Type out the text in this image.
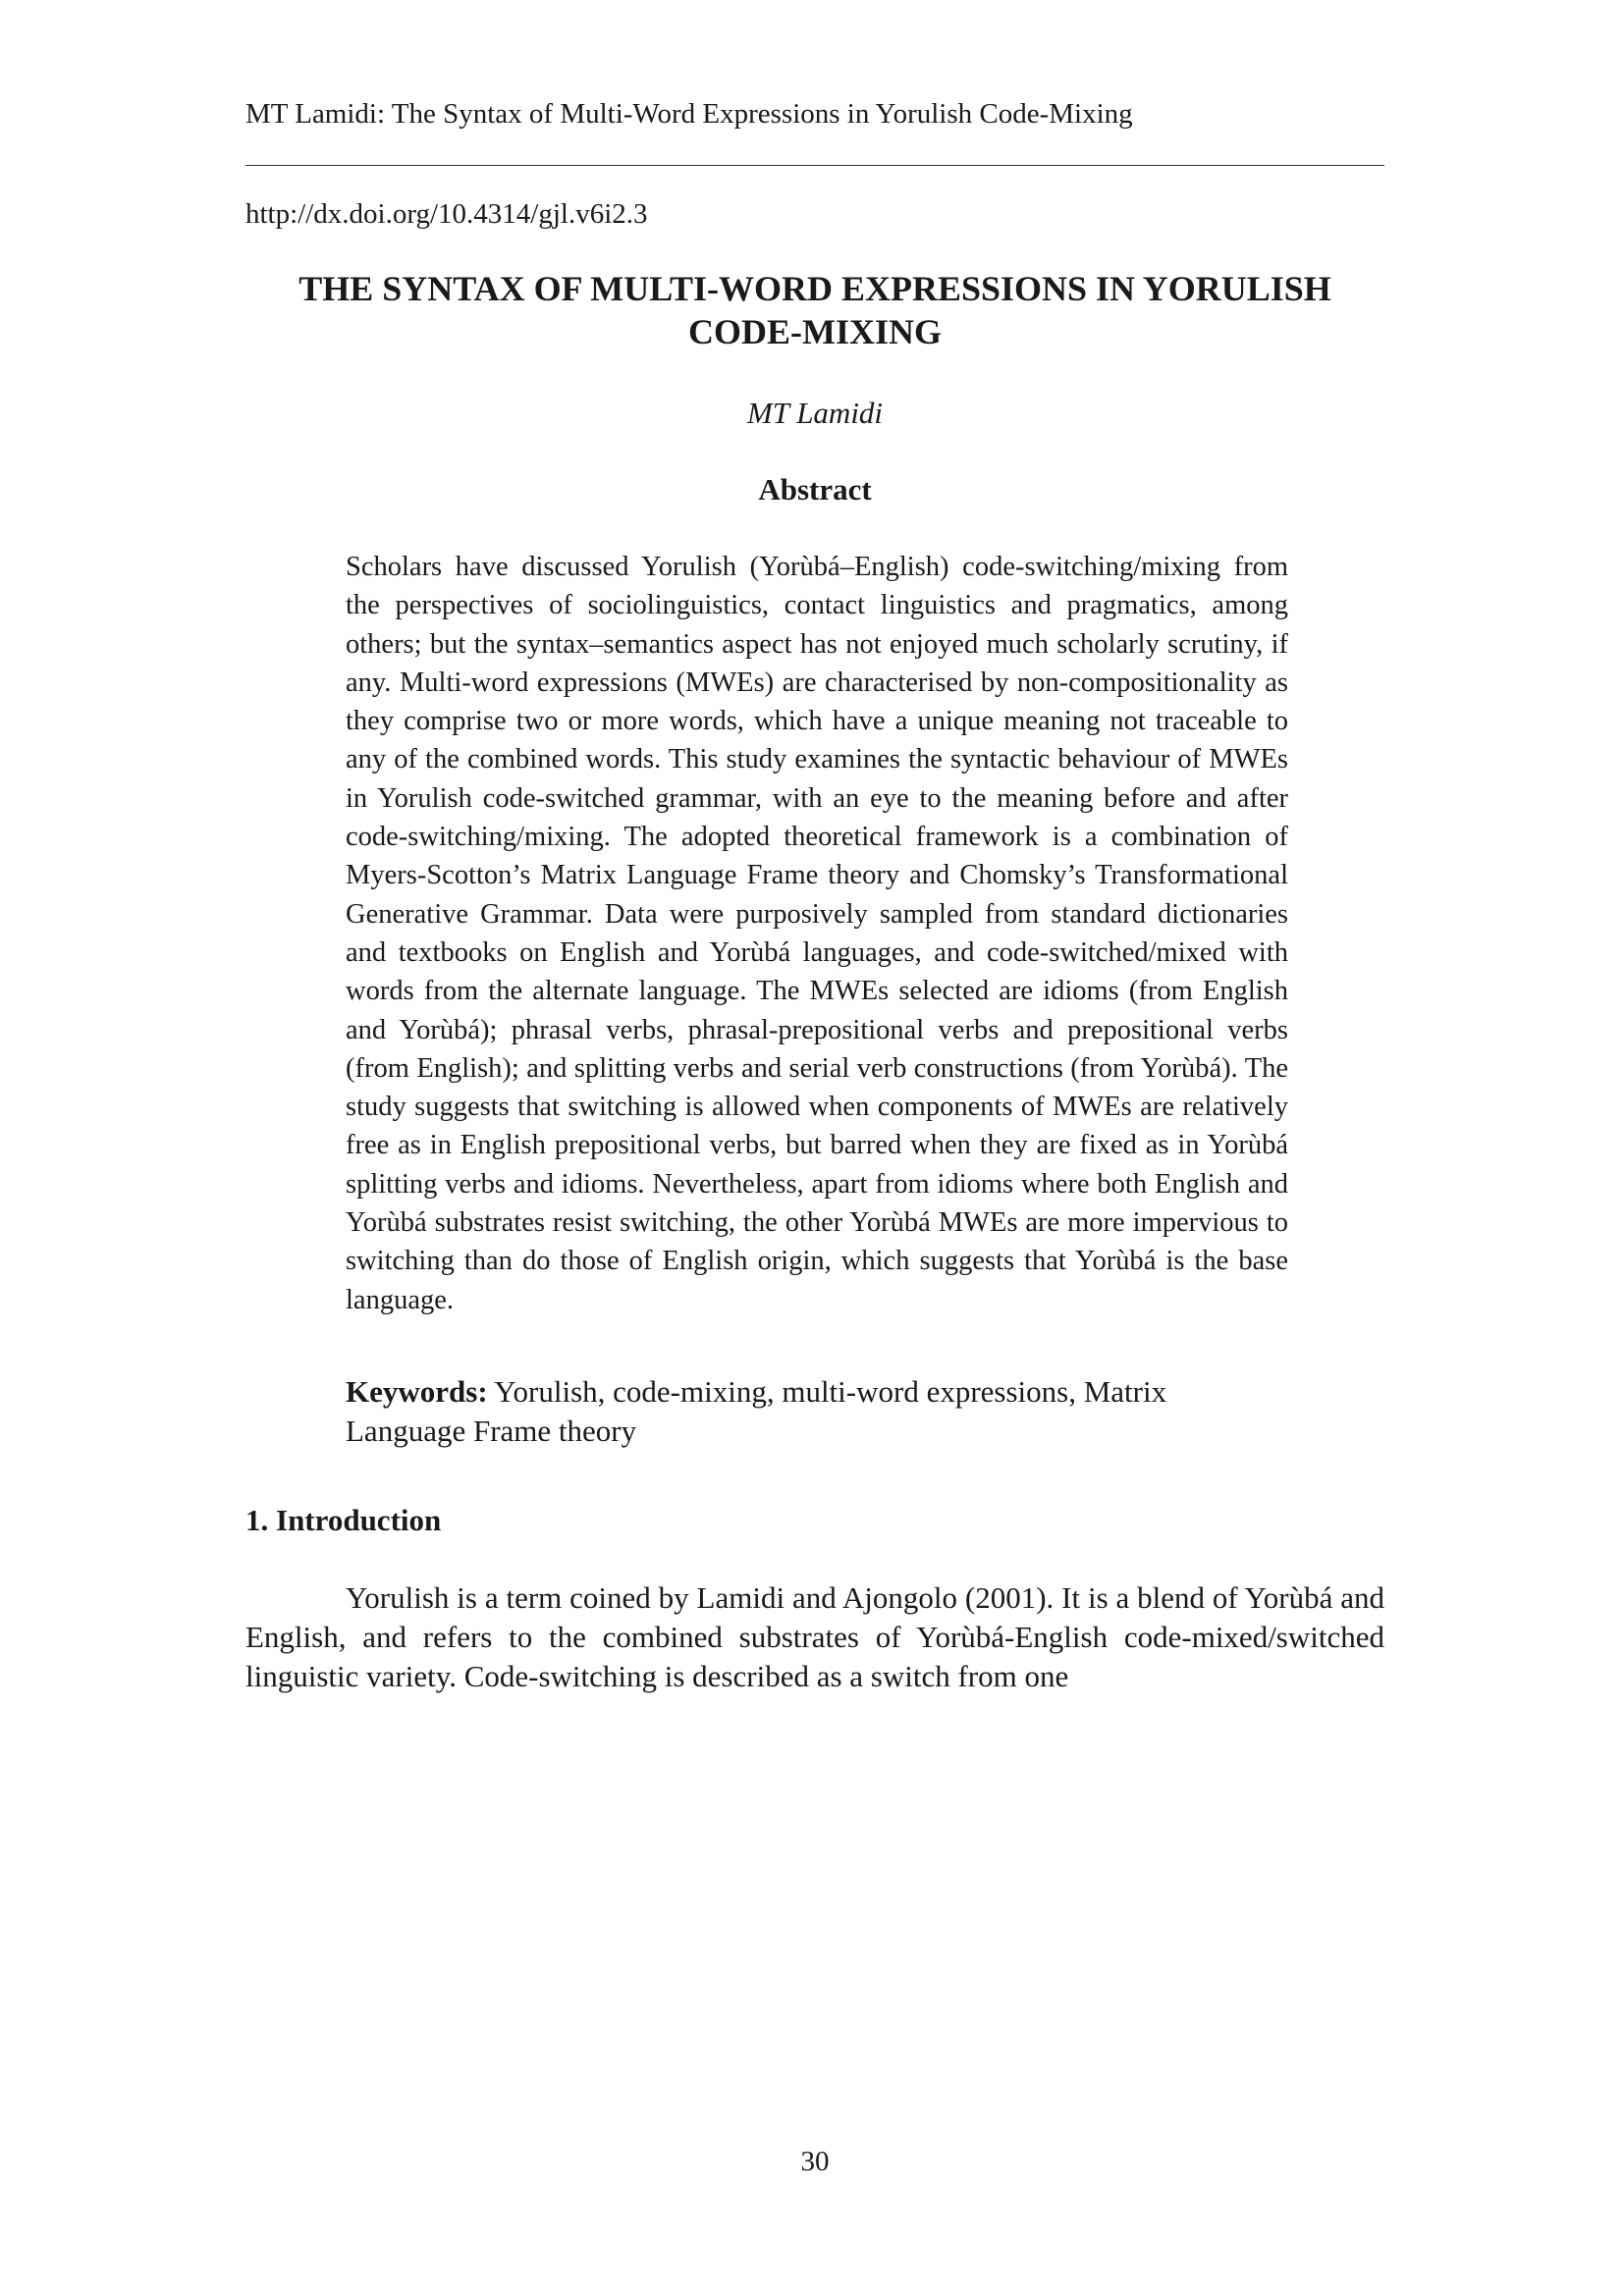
MT Lamidi: The Syntax of Multi-Word Expressions in Yorulish Code-Mixing
http://dx.doi.org/10.4314/gjl.v6i2.3
THE SYNTAX OF MULTI-WORD EXPRESSIONS IN YORULISH CODE-MIXING
MT Lamidi
Abstract
Scholars have discussed Yorulish (Yorùbá–English) code-switching/mixing from the perspectives of sociolinguistics, contact linguistics and pragmatics, among others; but the syntax–semantics aspect has not enjoyed much scholarly scrutiny, if any. Multi-word expressions (MWEs) are characterised by non-compositionality as they comprise two or more words, which have a unique meaning not traceable to any of the combined words. This study examines the syntactic behaviour of MWEs in Yorulish code-switched grammar, with an eye to the meaning before and after code-switching/mixing. The adopted theoretical framework is a combination of Myers-Scotton’s Matrix Language Frame theory and Chomsky’s Transformational Generative Grammar. Data were purposively sampled from standard dictionaries and textbooks on English and Yorùbá languages, and code-switched/mixed with words from the alternate language. The MWEs selected are idioms (from English and Yorùbá); phrasal verbs, phrasal-prepositional verbs and prepositional verbs (from English); and splitting verbs and serial verb constructions (from Yorùbá). The study suggests that switching is allowed when components of MWEs are relatively free as in English prepositional verbs, but barred when they are fixed as in Yorùbá splitting verbs and idioms. Nevertheless, apart from idioms where both English and Yorùbá substrates resist switching, the other Yorùbá MWEs are more impervious to switching than do those of English origin, which suggests that Yorùbá is the base language.
Keywords: Yorulish, code-mixing, multi-word expressions, Matrix Language Frame theory
1. Introduction
Yorulish is a term coined by Lamidi and Ajongolo (2001). It is a blend of Yorùbá and English, and refers to the combined substrates of Yorùbá-English code-mixed/switched linguistic variety. Code-switching is described as a switch from one
30
